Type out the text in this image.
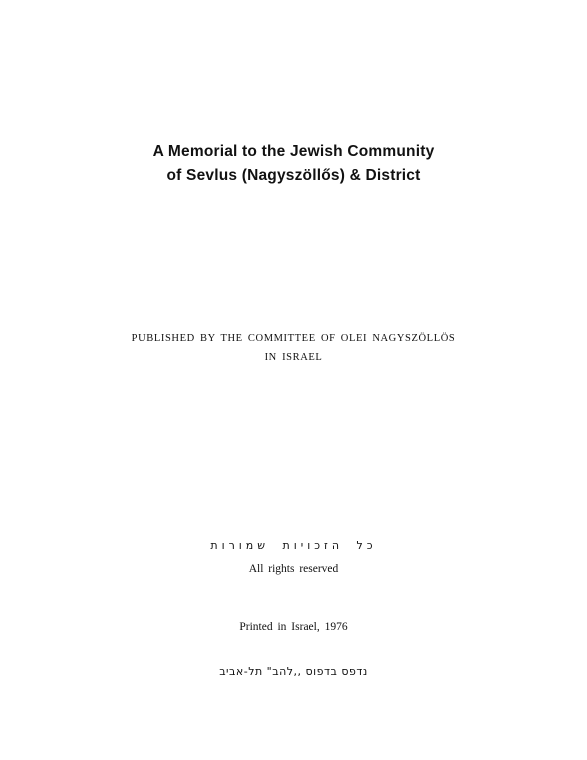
A Memorial to the Jewish Community
of Sevlus (Nagyszöllős) & District
PUBLISHED BY THE COMMITTEE OF OLEI NAGYSZÖLLÖS
IN ISRAEL
כל הזכויות שמורות
All rights reserved
Printed in Israel, 1976
נדפס בדפוס ,,להב" תל-אביב
